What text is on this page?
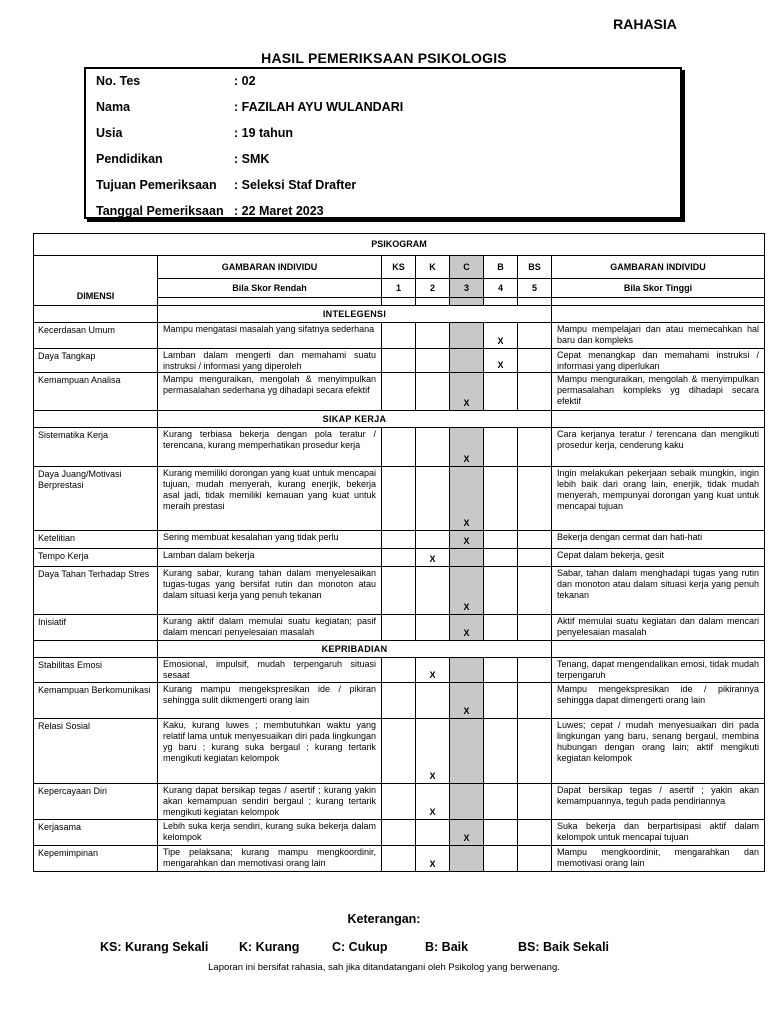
RAHASIA
HASIL PEMERIKSAAN PSIKOLOGIS
No. Tes	: 02
Nama	: FAZILAH AYU WULANDARI
Usia	: 19 tahun
Pendidikan	: SMK
Tujuan Pemeriksaan : Seleksi Staf Drafter
Tanggal Pemeriksaan : 22 Maret 2023
PSIKOGRAM							
DIMENSI	GAMBARAN INDIVIDU	KS	K	C	B	BS	GAMBARAN INDIVIDU
	Bila Skor Rendah	1	2	3	4	5	Bila Skor Tinggi

	INTELEGENSI						
Kecerdasan Umum	Mampu mengatasi masalah yang sifatnya sederhana				X		Mampu mempelajari dan atau memecahkan hal baru dan kompleks
Daya Tangkap	Lamban dalam mengerti dan memahami suatu instruksi / informasi yang diperoleh				X		Cepat menangkap dan memahami instruksi / informasi yang diperlukan
Kemampuan Analisa	Mampu menguraikan, mengolah & menyimpulkan permasalahan sederhana yg dihadapi secara efektif			X			Mampu menguraikan, mengolah & menyimpulkan permasalahan kompleks yg dihadapi secara efektif
	SIKAP KERJA						
Sistematika Kerja	Kurang terbiasa bekerja dengan pola teratur / terencana, kurang memperhatikan prosedur kerja			X			Cara kerjanya teratur / terencana dan mengikuti prosedur kerja, cenderung kaku
Daya Juang/Motivasi Berprestasi	Kurang memiliki dorongan yang kuat untuk mencapai tujuan, mudah menyerah, kurang enerjik, bekerja asal jadi, tidak memiliki kemauan yang kuat untuk meraih prestasi			X			Ingin melakukan pekerjaan sebaik mungkin, ingin lebih baik dari orang lain, enerjik, tidak mudah menyerah, mempunyai dorongan yang kuat untuk mencapai tujuan
Ketelitian	Sering membuat kesalahan yang tidak perlu			X			Bekerja dengan cermat dan hati-hati
Tempo Kerja	Lamban dalam bekerja		X				Cepat dalam bekerja, gesit
Daya Tahan Terhadap Stres	Kurang sabar, kurang tahan dalam menyelesaikan tugas-tugas yang bersifat rutin dan monoton atau dalam situasi kerja yang penuh tekanan			X			Sabar, tahan dalam menghadapi tugas yang rutin dan monoton atau dalam situasi kerja yang penuh tekanan
Inisiatif	Kurang aktif dalam memulai suatu kegiatan; pasif dalam mencari penyelesaian masalah			X			Aktif memulai suatu kegiatan dan dalam mencari penyelesaian masalah
	KEPRIBADIAN						
Stabilitas Emosi	Emosional, impulsif, mudah terpengaruh situasi sesaat		X				Tenang, dapat mengendalikan emosi, tidak mudah terpengaruh
Kemampuan Berkomunikasi	Kurang mampu mengekspresikan ide / pikiran sehingga sulit dikmengerti orang lain			X			Mampu mengekspresikan ide / pikirannya sehingga dapat dimengerti orang lain
Relasi Sosial	Kaku, kurang luwes ; membutuhkan waktu yang relatif lama untuk menyesuaikan diri pada lingkungan yg baru ; kurang suka bergaul ; kurang tertarik mengikuti kegiatan kelompok		X				Luwes; cepat / mudah menyesuaikan diri pada lingkungan yang baru, senang bergaul, membina hubungan dengan orang lain; aktif mengikuti kegiatan kelompok
Kepercayaan Diri	Kurang dapat bersikap tegas / asertif ; kurang yakin akan kemampuan sendiri bergaul ; kurang tertarik mengikuti kegiatan kelompok		X				Dapat bersikap tegas / asertif ; yakin akan kemampuannya, teguh pada pendiriannya
Kerjasama	Lebih suka kerja sendiri, kurang suka bekerja dalam kelompok			X			Suka bekerja dan berpartisipasi aktif dalam kelompok untuk mencapai tujuan
Kepemimpinan	Tipe pelaksana; kurang mampu mengkoordinir, mengarahkan dan memotivasi orang lain		X				Mampu mengkoordinir, mengarahkan dan memotivasi orang lain
Keterangan:
KS: Kurang Sekali K: Kurang	C: Cukup	B: Baik	BS: Baik Sekali
Laporan ini bersifat rahasia, sah jika ditandatangani oleh Psikolog yang berwenang.
